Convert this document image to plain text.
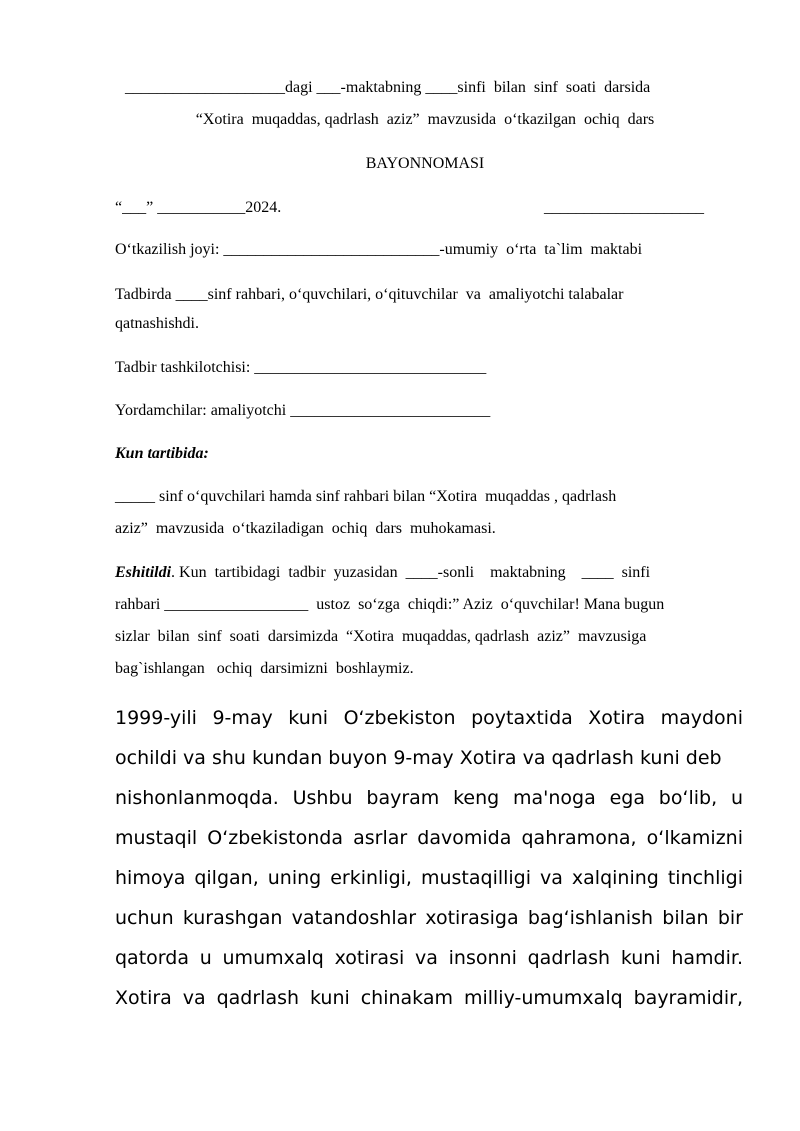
____________________dagi ___-maktabning ____sinfi  bilan  sinf  soati  darsida
“Xotira  muqaddas, qadrlash  aziz”  mavzusida  o‘tkazilgan  ochiq  dars
BAYONNOMASI
“___” ___________2024.	____________________
O‘tkazilish joyi: ___________________________-umumiy  o‘rta  ta`lim  maktabi
Tadbirda ____sinf rahbari, o‘quvchilari, o‘qituvchilar  va  amaliyotchi talabalar
qatnashishdi.
Tadbir tashkilotchisi: _____________________________
Yordamchilar: amaliyotchi _________________________
Kun tartibida:
_____ sinf o‘quvchilari hamda sinf rahbari bilan “Xotira  muqaddas , qadrlash
aziz”  mavzusida  o‘tkaziladigan  ochiq  dars  muhokamasi.
Eshitildi . Kun  tartibidagi  tadbir  yuzasidan  ____-sonli    maktabning    ____  sinfi
rahbari __________________  ustoz  so‘zga  chiqdi:” Aziz  o‘quvchilar! Mana bugun
sizlar  bilan  sinf  soati  darsimizda  “Xotira  muqaddas, qadrlash  aziz”  mavzusiga
bag`ishlangan   ochiq  darsimizni  boshlaymiz.
1999-yili 9-may kuni O‘zbekiston poytaxtida Xotira maydoni
ochildi va shu kundan buyon 9-may Xotira va qadrlash kuni deb
nishonlanmoqda. Ushbu bayram keng ma'noga ega bo‘lib, u
mustaqil O‘zbekistonda asrlar davomida qahramona, o‘lkamizni
himoya qilgan, uning erkinligi, mustaqilligi va xalqining tinchligi
uchun kurashgan vatandoshlar xotirasiga bag‘ishlanish bilan bir
qatorda u umumxalq xotirasi va insonni qadrlash kuni hamdir.
Xotira va qadrlash kuni chinakam milliy-umumxalq bayramidir,
